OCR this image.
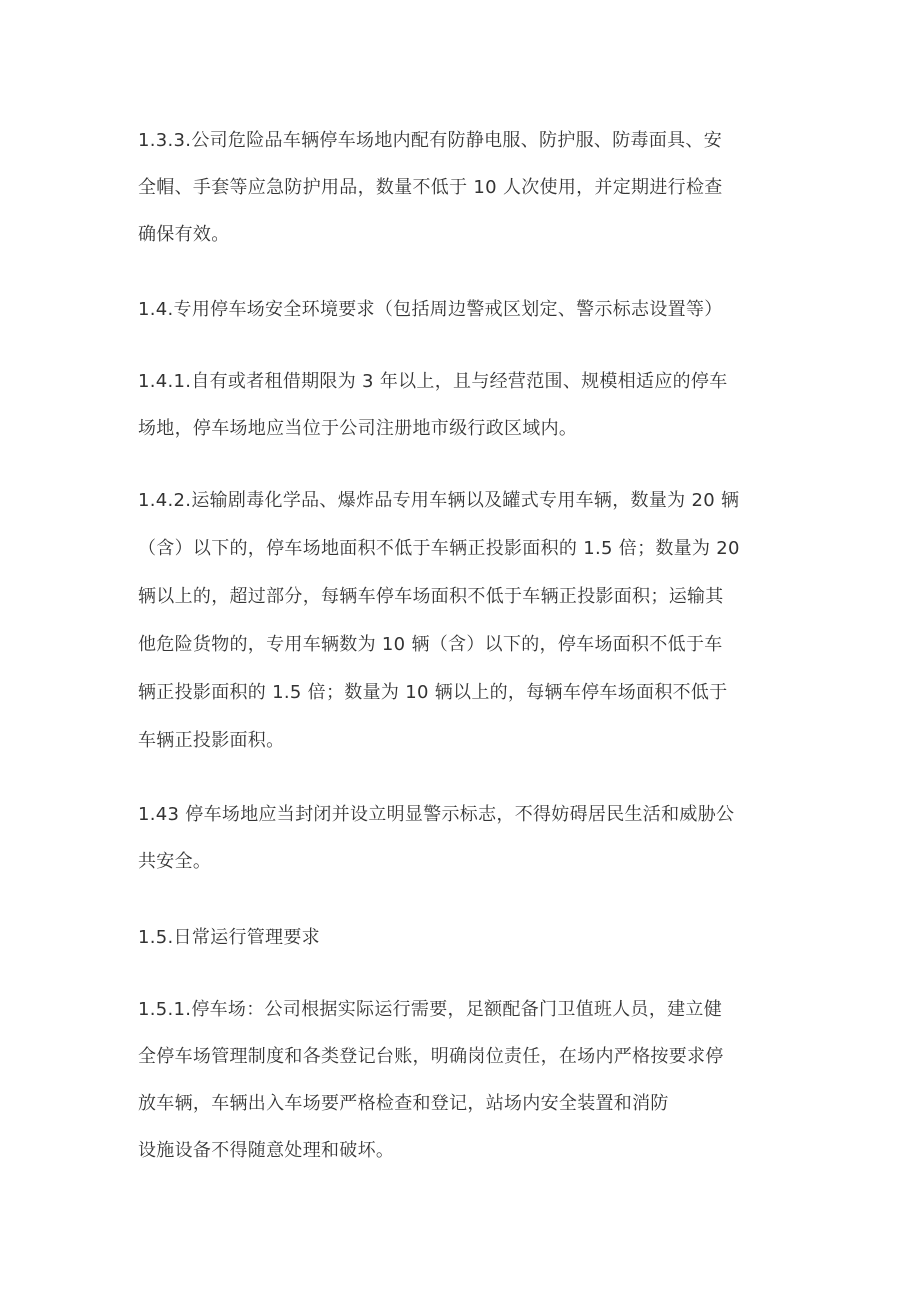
1.3.3.公司危险品车辆停车场地内配有防静电服、防护服、防毒面具、安
全帽、手套等应急防护用品，数量不低于 10 人次使用，并定期进行检查
确保有效。

1.4.专用停车场安全环境要求（包括周边警戒区划定、警示标志设置等）

1.4.1.自有或者租借期限为 3 年以上，且与经营范围、规模相适应的停车
场地，停车场地应当位于公司注册地市级行政区域内。

1.4.2.运输剧毒化学品、爆炸品专用车辆以及罐式专用车辆，数量为 20 辆
（含）以下的，停车场地面积不低于车辆正投影面积的 1.5 倍；数量为 20
辆以上的，超过部分，每辆车停车场面积不低于车辆正投影面积；运输其
他危险货物的，专用车辆数为 10 辆（含）以下的，停车场面积不低于车
辆正投影面积的 1.5 倍；数量为 10 辆以上的，每辆车停车场面积不低于
车辆正投影面积。

1.43 停车场地应当封闭并设立明显警示标志，不得妨碍居民生活和威胁公
共安全。

1.5.日常运行管理要求

1.5.1.停车场：公司根据实际运行需要，足额配备门卫值班人员，建立健
全停车场管理制度和各类登记台账，明确岗位责任，在场内严格按要求停
放车辆，车辆出入车场要严格检查和登记，站场内安全装置和消防
设施设备不得随意处理和破坏。
